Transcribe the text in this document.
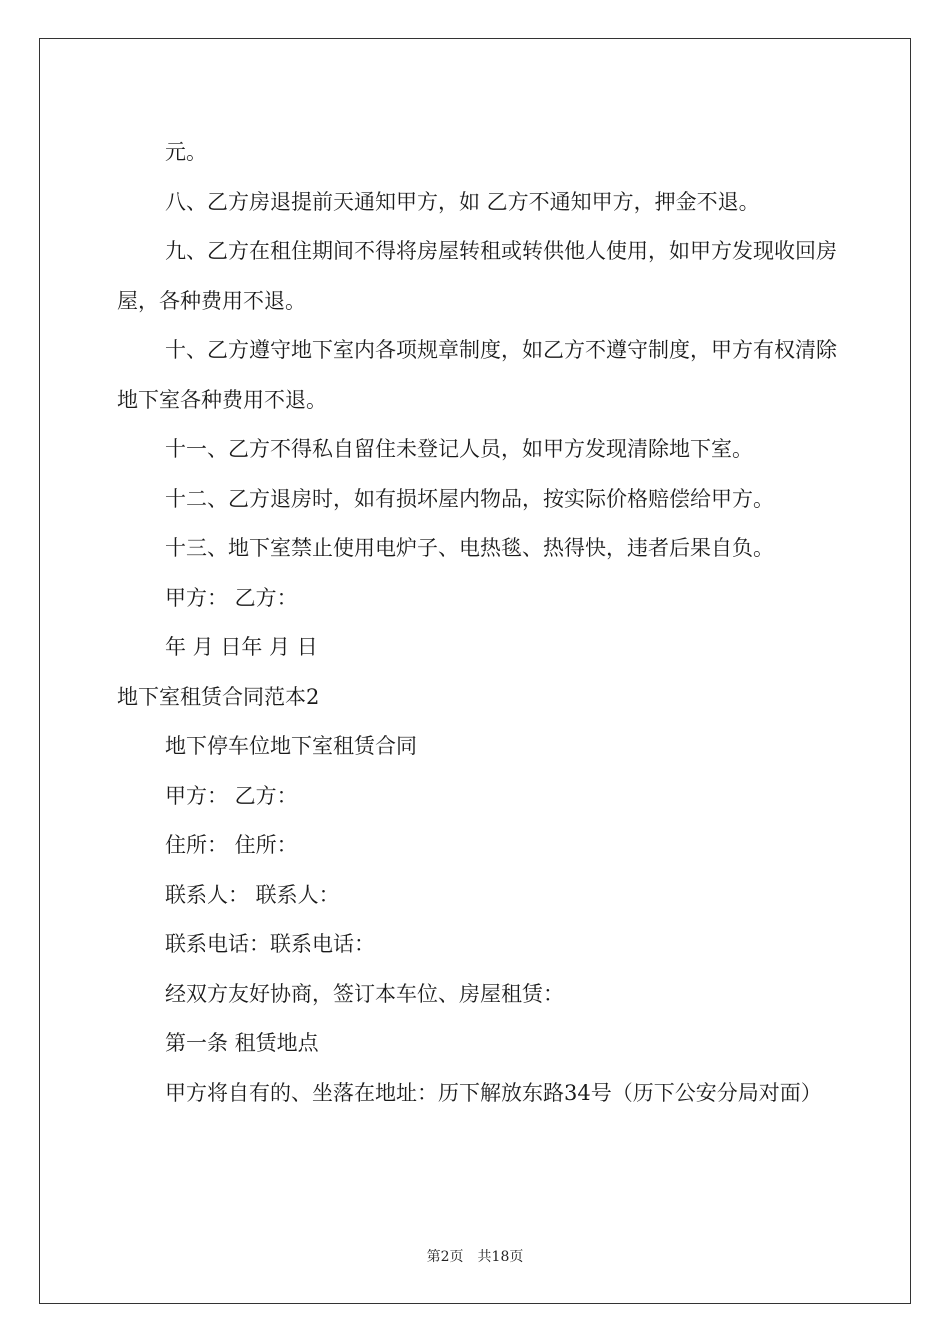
元。

八、乙方房退提前天通知甲方，如 乙方不通知甲方，押金不退。

九、乙方在租住期间不得将房屋转租或转供他人使用，如甲方发现收回房屋，各种费用不退。

十、乙方遵守地下室内各项规章制度，如乙方不遵守制度，甲方有权清除地下室各种费用不退。

十一、乙方不得私自留住未登记人员，如甲方发现清除地下室。

十二、乙方退房时，如有损坏屋内物品，按实际价格赔偿给甲方。

十三、地下室禁止使用电炉子、电热毯、热得快，违者后果自负。

甲方： 乙方：

年 月 日年 月 日

地下室租赁合同范本2

地下停车位地下室租赁合同

甲方： 乙方：

住所： 住所：

联系人： 联系人：

联系电话：联系电话：

经双方友好协商，签订本车位、房屋租赁：

第一条 租赁地点

甲方将自有的、坐落在地址：历下解放东路34号（历下公安分局对面）

第2页 共18页
